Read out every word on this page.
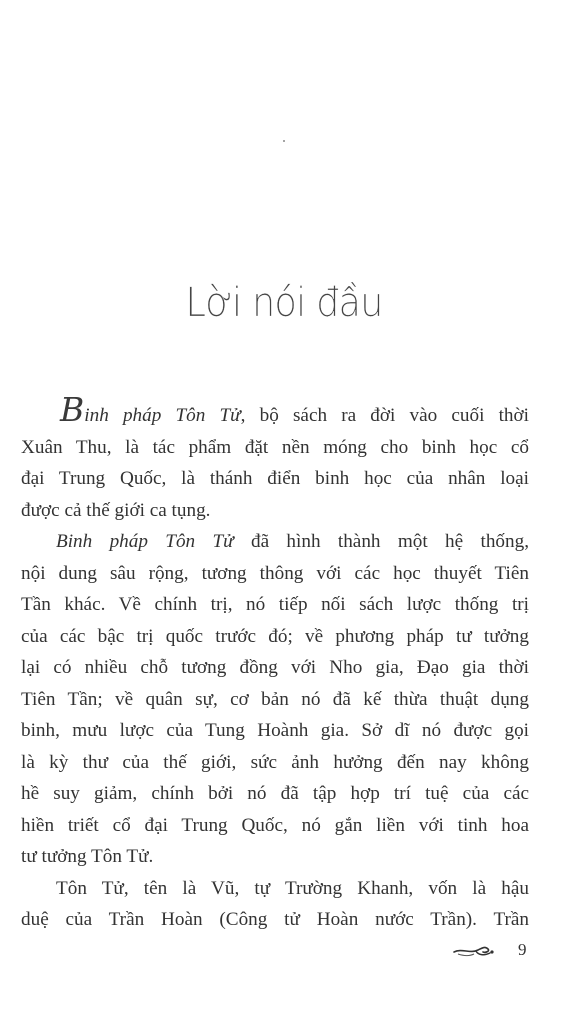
Lời nói đầu
Binh pháp Tôn Tử, bộ sách ra đời vào cuối thời
Xuân Thu, là tác phẩm đặt nền móng cho binh học cổ
đại Trung Quốc, là thánh điển binh học của nhân loại
được cả thế giới ca tụng.
Binh pháp Tôn Tử đã hình thành một hệ thống,
nội dung sâu rộng, tương thông với các học thuyết Tiên
Tần khác. Về chính trị, nó tiếp nối sách lược thống trị
của các bậc trị quốc trước đó; về phương pháp tư tưởng
lại có nhiều chỗ tương đồng với Nho gia, Đạo gia thời
Tiên Tần; về quân sự, cơ bản nó đã kế thừa thuật dụng
binh, mưu lược của Tung Hoành gia. Sở dĩ nó được gọi
là kỳ thư của thế giới, sức ảnh hưởng đến nay không
hề suy giảm, chính bởi nó đã tập hợp trí tuệ của các
hiền triết cổ đại Trung Quốc, nó gắn liền với tinh hoa
tư tưởng Tôn Tử.
Tôn Tử, tên là Vũ, tự Trường Khanh, vốn là hậu
duệ của Trần Hoàn (Công tử Hoàn nước Trần). Trần
9
